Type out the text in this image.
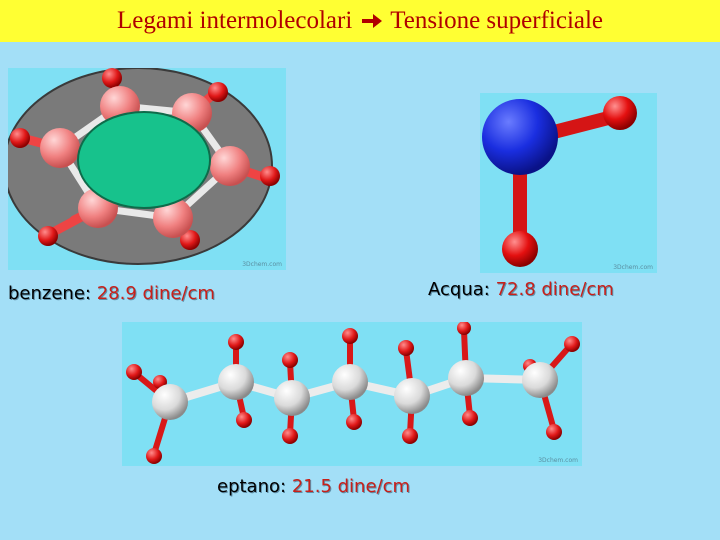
Legami intermolecolari Tensione superficiale
3Dchem.com	3Dchem.com
3Dchem.com
benzene: 28.9 dine/cm	Acqua: 72.8 dine/cm
eptano: 21.5 dine/cm
